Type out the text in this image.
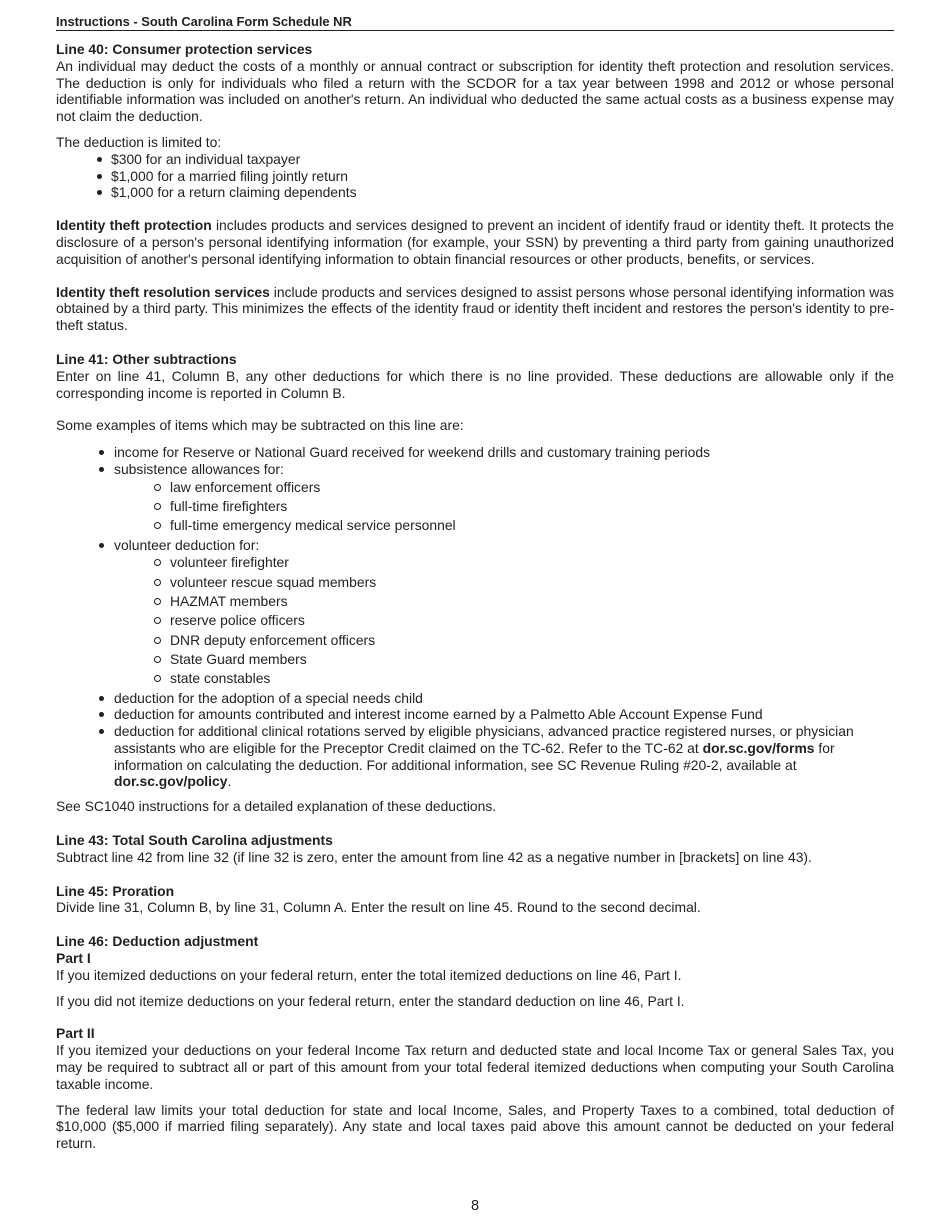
Instructions - South Carolina Form Schedule NR
Line 40: Consumer protection services

An individual may deduct the costs of a monthly or annual contract or subscription for identity theft protection and resolution services. The deduction is only for individuals who filed a return with the SCDOR for a tax year between 1998 and 2012 or whose personal identifiable information was included on another's return. An individual who deducted the same actual costs as a business expense may not claim the deduction.

The deduction is limited to:

$300 for an individual taxpayer
$1,000 for a married filing jointly return
$1,000 for a return claiming dependents

Identity theft protection includes products and services designed to prevent an incident of identify fraud or identity theft. It protects the disclosure of a person's personal identifying information (for example, your SSN) by preventing a third party from gaining unauthorized acquisition of another's personal identifying information to obtain financial resources or other products, benefits, or services.

Identity theft resolution services include products and services designed to assist persons whose personal identifying information was obtained by a third party. This minimizes the effects of the identity fraud or identity theft incident and restores the person's identity to pre-theft status.

Line 41: Other subtractions

Enter on line 41, Column B, any other deductions for which there is no line provided. These deductions are allowable only if the corresponding income is reported in Column B.

Some examples of items which may be subtracted on this line are:

income for Reserve or National Guard received for weekend drills and customary training periods
subsistence allowances for:
law enforcement officers
full-time firefighters
full-time emergency medical service personnel
volunteer deduction for:
volunteer firefighter
volunteer rescue squad members
HAZMAT members
reserve police officers
DNR deputy enforcement officers
State Guard members
state constables
deduction for the adoption of a special needs child
deduction for amounts contributed and interest income earned by a Palmetto Able Account Expense Fund
deduction for additional clinical rotations served by eligible physicians, advanced practice registered nurses, or physician assistants who are eligible for the Preceptor Credit claimed on the TC-62. Refer to the TC-62 at dor.sc.gov/forms for information on calculating the deduction. For additional information, see SC Revenue Ruling #20-2, available at dor.sc.gov/policy.

See SC1040 instructions for a detailed explanation of these deductions.

Line 43: Total South Carolina adjustments

Subtract line 42 from line 32 (if line 32 is zero, enter the amount from line 42 as a negative number in [brackets] on line 43).

Line 45: Proration

Divide line 31, Column B, by line 31, Column A. Enter the result on line 45. Round to the second decimal.

Line 46: Deduction adjustment
Part I

If you itemized deductions on your federal return, enter the total itemized deductions on line 46, Part I.

If you did not itemize deductions on your federal return, enter the standard deduction on line 46, Part I.

Part II

If you itemized your deductions on your federal Income Tax return and deducted state and local Income Tax or general Sales Tax, you may be required to subtract all or part of this amount from your total federal itemized deductions when computing your South Carolina taxable income.

The federal law limits your total deduction for state and local Income, Sales, and Property Taxes to a combined, total deduction of $10,000 ($5,000 if married filing separately). Any state and local taxes paid above this amount cannot be deducted on your federal return.

8
